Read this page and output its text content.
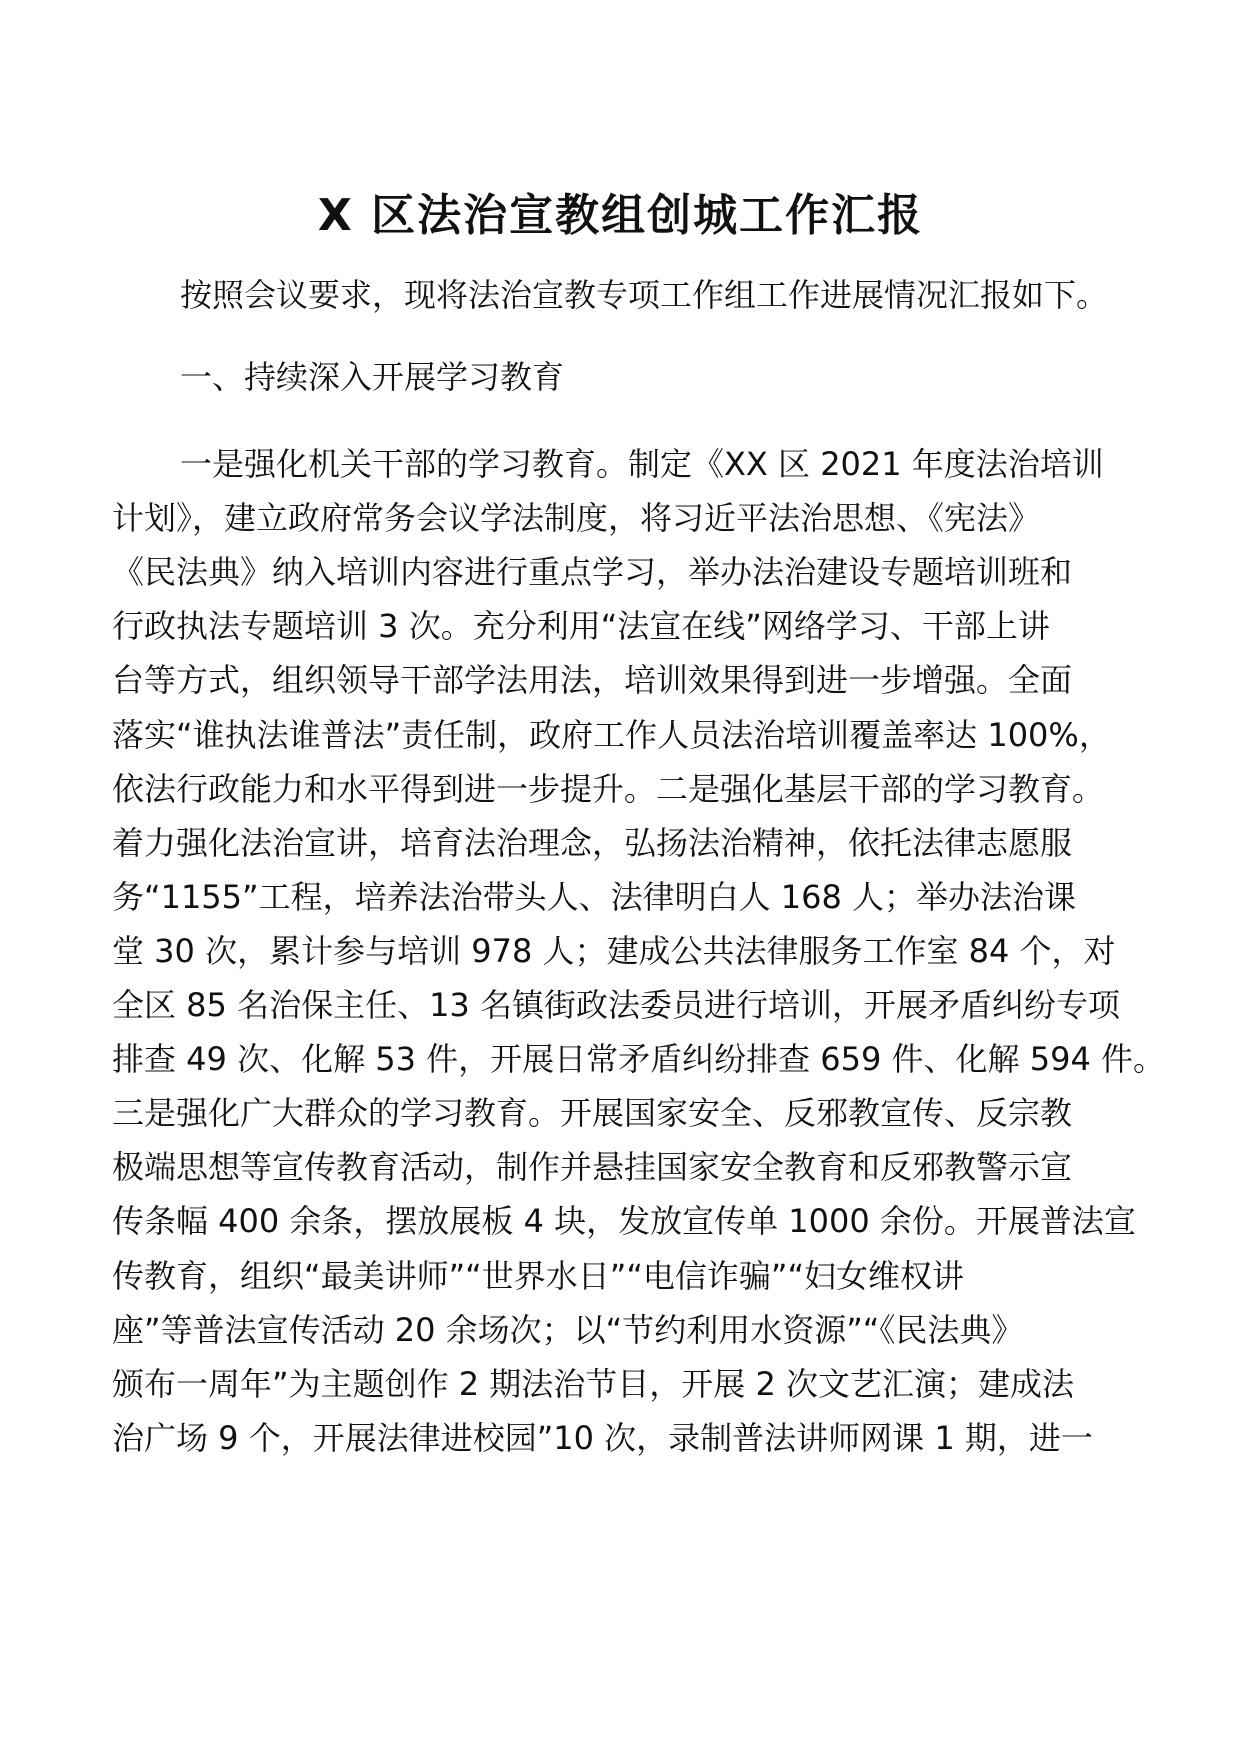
X 区法治宣教组创城工作汇报

按照会议要求，现将法治宣教专项工作组工作进展情况汇报如下。

一、持续深入开展学习教育

一是强化机关干部的学习教育。制定《XX 区 2021 年度法治培训

计划》，建立政府常务会议学法制度，将习近平法治思想、《宪法》

《民法典》纳入培训内容进行重点学习，举办法治建设专题培训班和

行政执法专题培训 3 次。充分利用“法宣在线”网络学习、干部上讲

台等方式，组织领导干部学法用法，培训效果得到进一步增强。全面

落实“谁执法谁普法”责任制，政府工作人员法治培训覆盖率达 100%，

依法行政能力和水平得到进一步提升。二是强化基层干部的学习教育。

着力强化法治宣讲，培育法治理念，弘扬法治精神，依托法律志愿服

务“1155”工程，培养法治带头人、法律明白人 168 人；举办法治课

堂 30 次，累计参与培训 978 人；建成公共法律服务工作室 84 个，对

全区 85 名治保主任、13 名镇街政法委员进行培训，开展矛盾纠纷专项

排查 49 次、化解 53 件，开展日常矛盾纠纷排查 659 件、化解 594 件。

三是强化广大群众的学习教育。开展国家安全、反邪教宣传、反宗教

极端思想等宣传教育活动，制作并悬挂国家安全教育和反邪教警示宣

传条幅 400 余条，摆放展板 4 块，发放宣传单 1000 余份。开展普法宣

传教育，组织“最美讲师”“世界水日”“电信诈骗”“妇女维权讲

座”等普法宣传活动 20 余场次；以“节约利用水资源”“《民法典》

颁布一周年”为主题创作 2 期法治节目，开展 2 次文艺汇演；建成法

治广场 9 个，开展法律进校园”10 次，录制普法讲师网课 1 期，进一
